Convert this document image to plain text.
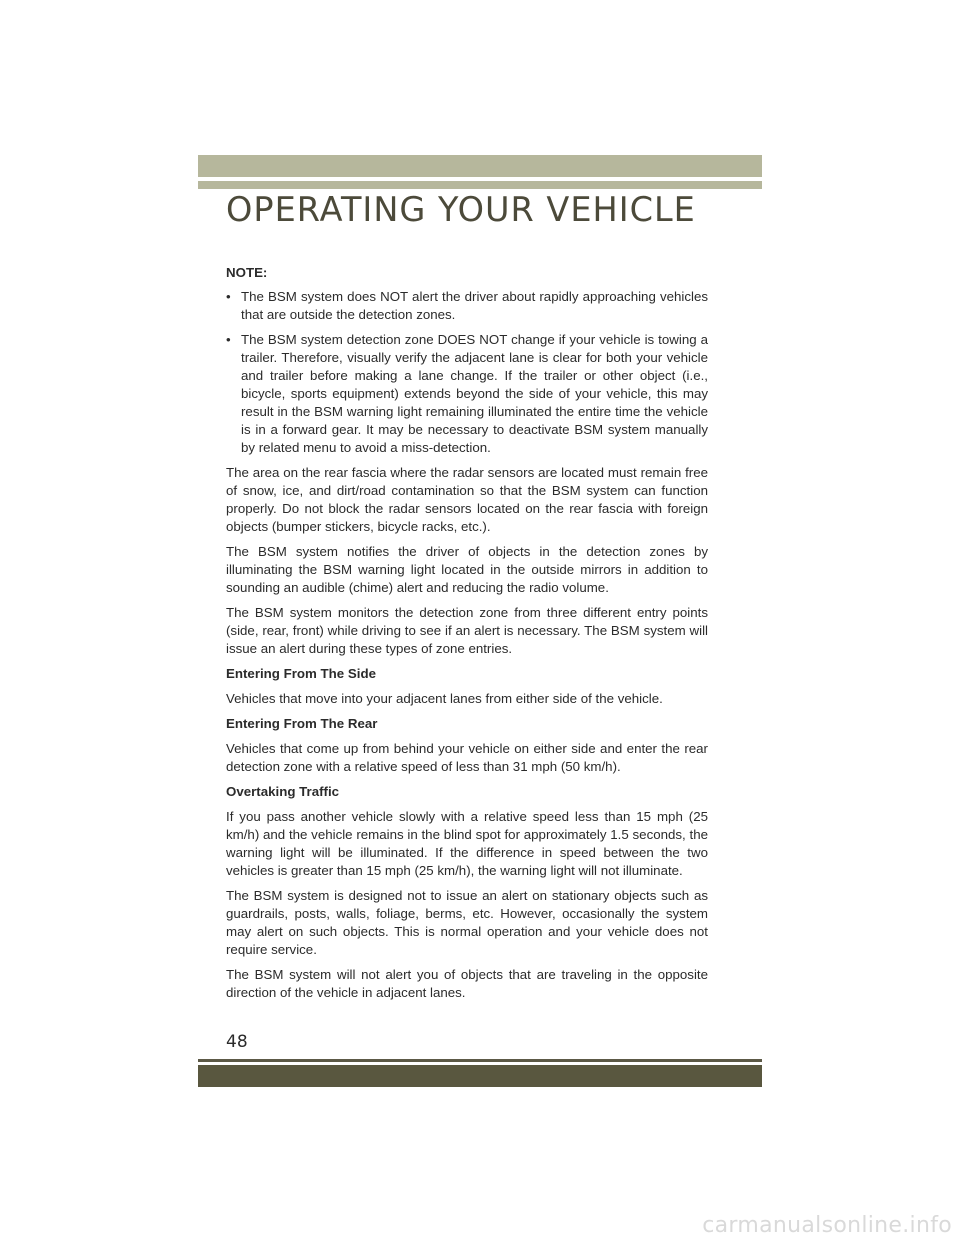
OPERATING YOUR VEHICLE

NOTE:

• The BSM system does NOT alert the driver about rapidly approaching vehicles that are outside the detection zones.
• The BSM system detection zone DOES NOT change if your vehicle is towing a trailer. Therefore, visually verify the adjacent lane is clear for both your vehicle and trailer before making a lane change. If the trailer or other object (i.e., bicycle, sports equipment) extends beyond the side of your vehicle, this may result in the BSM warning light remaining illuminated the entire time the vehicle is in a forward gear. It may be necessary to deactivate BSM system manually by related menu to avoid a miss-detection.

The area on the rear fascia where the radar sensors are located must remain free of snow, ice, and dirt/road contamination so that the BSM system can function properly. Do not block the radar sensors located on the rear fascia with foreign objects (bumper stickers, bicycle racks, etc.).

The BSM system notifies the driver of objects in the detection zones by illuminating the BSM warning light located in the outside mirrors in addition to sounding an audible (chime) alert and reducing the radio volume.

The BSM system monitors the detection zone from three different entry points (side, rear, front) while driving to see if an alert is necessary. The BSM system will issue an alert during these types of zone entries.

Entering From The Side

Vehicles that move into your adjacent lanes from either side of the vehicle.

Entering From The Rear

Vehicles that come up from behind your vehicle on either side and enter the rear detection zone with a relative speed of less than 31 mph (50 km/h).

Overtaking Traffic

If you pass another vehicle slowly with a relative speed less than 15 mph (25 km/h) and the vehicle remains in the blind spot for approximately 1.5 seconds, the warning light will be illuminated. If the difference in speed between the two vehicles is greater than 15 mph (25 km/h), the warning light will not illuminate.

The BSM system is designed not to issue an alert on stationary objects such as guardrails, posts, walls, foliage, berms, etc. However, occasionally the system may alert on such objects. This is normal operation and your vehicle does not require service.

The BSM system will not alert you of objects that are traveling in the opposite direction of the vehicle in adjacent lanes.

48
carmanualsonline.info
